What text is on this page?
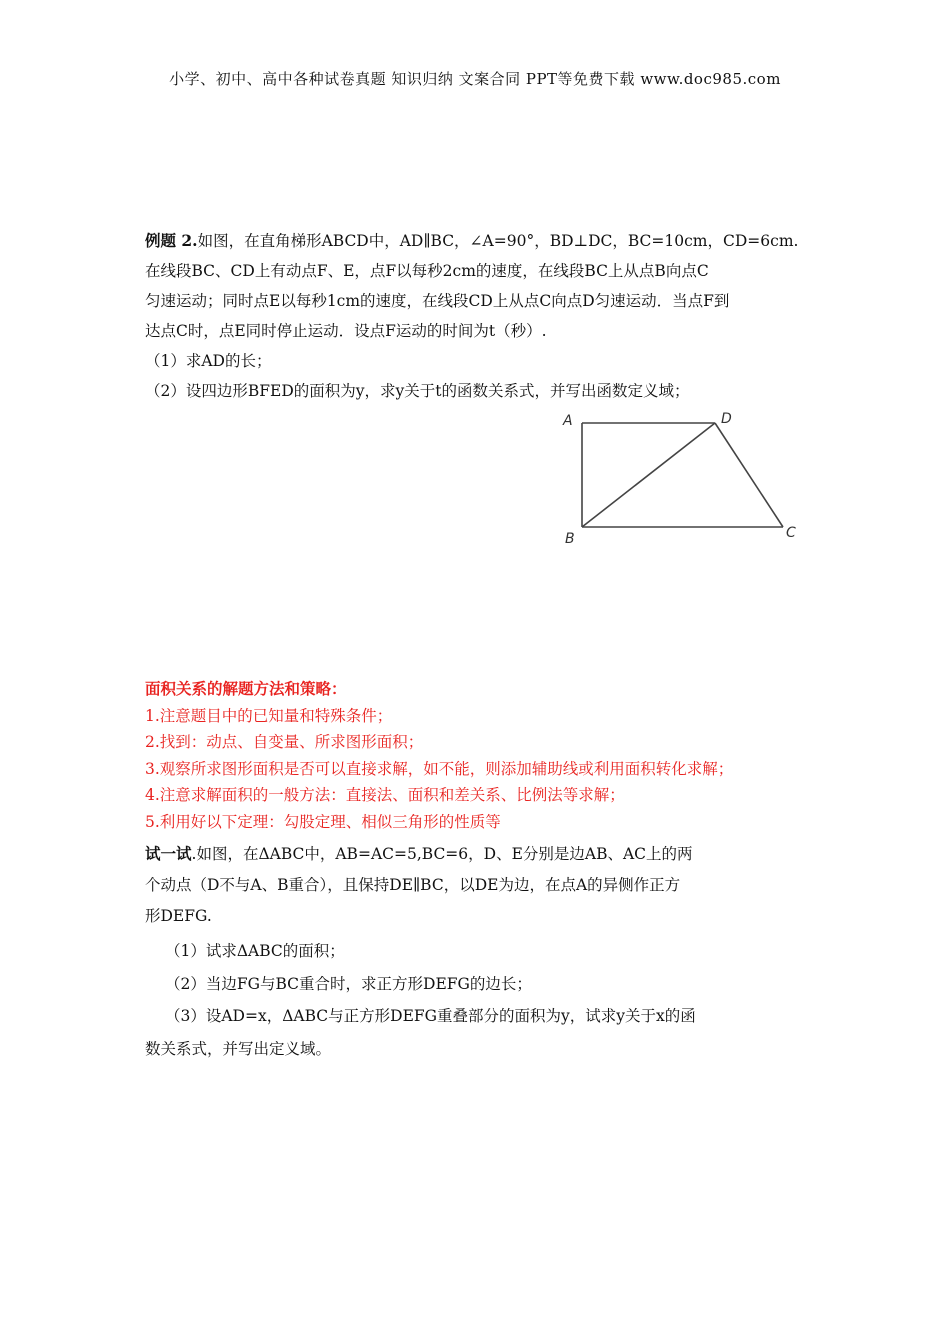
小学、初中、高中各种试卷真题 知识归纳 文案合同 PPT等免费下载 www.doc985.com
例题 2.如图，在直角梯形ABCD中，AD∥BC，∠A=90°，BD⊥DC，BC=10cm，CD=6cm.
在线段BC、CD上有动点F、E，点F以每秒2cm的速度，在线段BC上从点B向点C
匀速运动；同时点E以每秒1cm的速度，在线段CD上从点C向点D匀速运动．当点F到
达点C时，点E同时停止运动．设点F运动的时间为t（秒）.
（1）求AD的长；
（2）设四边形BFED的面积为y，求y关于t的函数关系式，并写出函数定义域；
A	D
B	C
面积关系的解题方法和策略：
1.注意题目中的已知量和特殊条件；
2.找到：动点、自变量、所求图形面积；
3.观察所求图形面积是否可以直接求解，如不能，则添加辅助线或利用面积转化求解；
4.注意求解面积的一般方法：直接法、面积和差关系、比例法等求解；
5.利用好以下定理：勾股定理、相似三角形的性质等
试一试.如图，在ΔABC中，AB=AC=5,BC=6，D、E分别是边AB、AC上的两
个动点（D不与A、B重合），且保持DE∥BC，以DE为边，在点A的异侧作正方
形DEFG.
（1）试求ΔABC的面积；
（2）当边FG与BC重合时，求正方形DEFG的边长；
（3）设AD=x，ΔABC与正方形DEFG重叠部分的面积为y，试求y关于x的函
数关系式，并写出定义域。
